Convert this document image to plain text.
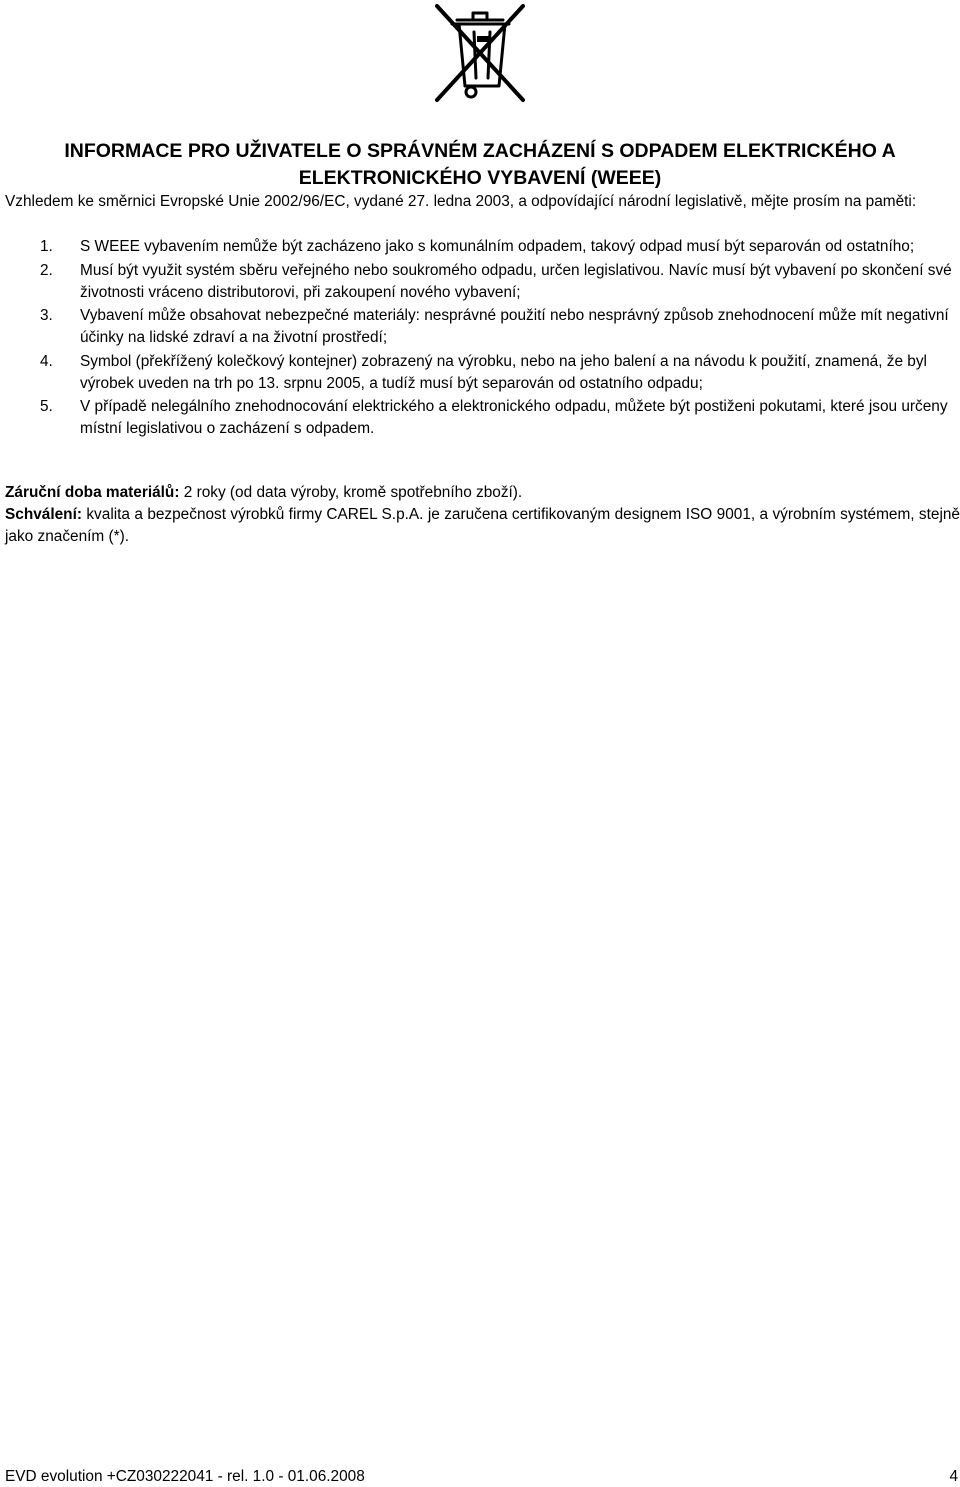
INFORMACE PRO UŽIVATELE O SPRÁVNÉM ZACHÁZENÍ S ODPADEM ELEKTRICKÉHO A
ELEKTRONICKÉHO VYBAVENÍ (WEEE)

Vzhledem ke směrnici Evropské Unie 2002/96/EC, vydané 27. ledna 2003, a odpovídající národní legislativě, mějte prosím na paměti:

1. S WEEE vybavením nemůže být zacházeno jako s komunálním odpadem, takový odpad musí být separován od ostatního;
2. Musí být využit systém sběru veřejného nebo soukromého odpadu, určen legislativou. Navíc musí být vybavení po skončení své životnosti vráceno distributorovi, při zakoupení nového vybavení;
3. Vybavení může obsahovat nebezpečné materiály: nesprávné použití nebo nesprávný způsob znehodnocení může mít negativní účinky na lidské zdraví a na životní prostředí;
4. Symbol (překřížený kolečkový kontejner) zobrazený na výrobku, nebo na jeho balení a na návodu k použití, znamená, že byl výrobek uveden na trh po 13. srpnu 2005, a tudíž musí být separován od ostatního odpadu;
5. V případě nelegálního znehodnocování elektrického a elektronického odpadu, můžete být postiženi pokutami, které jsou určeny místní legislativou o zacházení s odpadem.

Záruční doba materiálů: 2 roky (od data výroby, kromě spotřebního zboží).

Schválení: kvalita a bezpečnost výrobků firmy CAREL S.p.A. je zaručena certifikovaným designem ISO 9001, a výrobním systémem, stejně jako značením (*).

EVD evolution +CZ030222041 - rel. 1.0 - 01.06.2008	4
